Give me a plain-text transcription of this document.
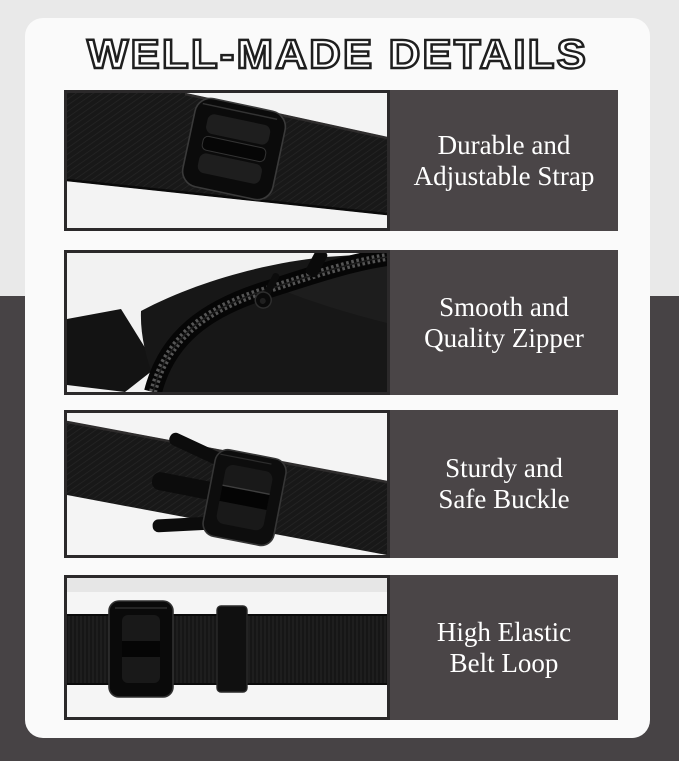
WELL-MADE DETAILS
Durable and
Adjustable Strap
Smooth and
Quality Zipper
Sturdy and
Safe Buckle
High Elastic
Belt Loop
